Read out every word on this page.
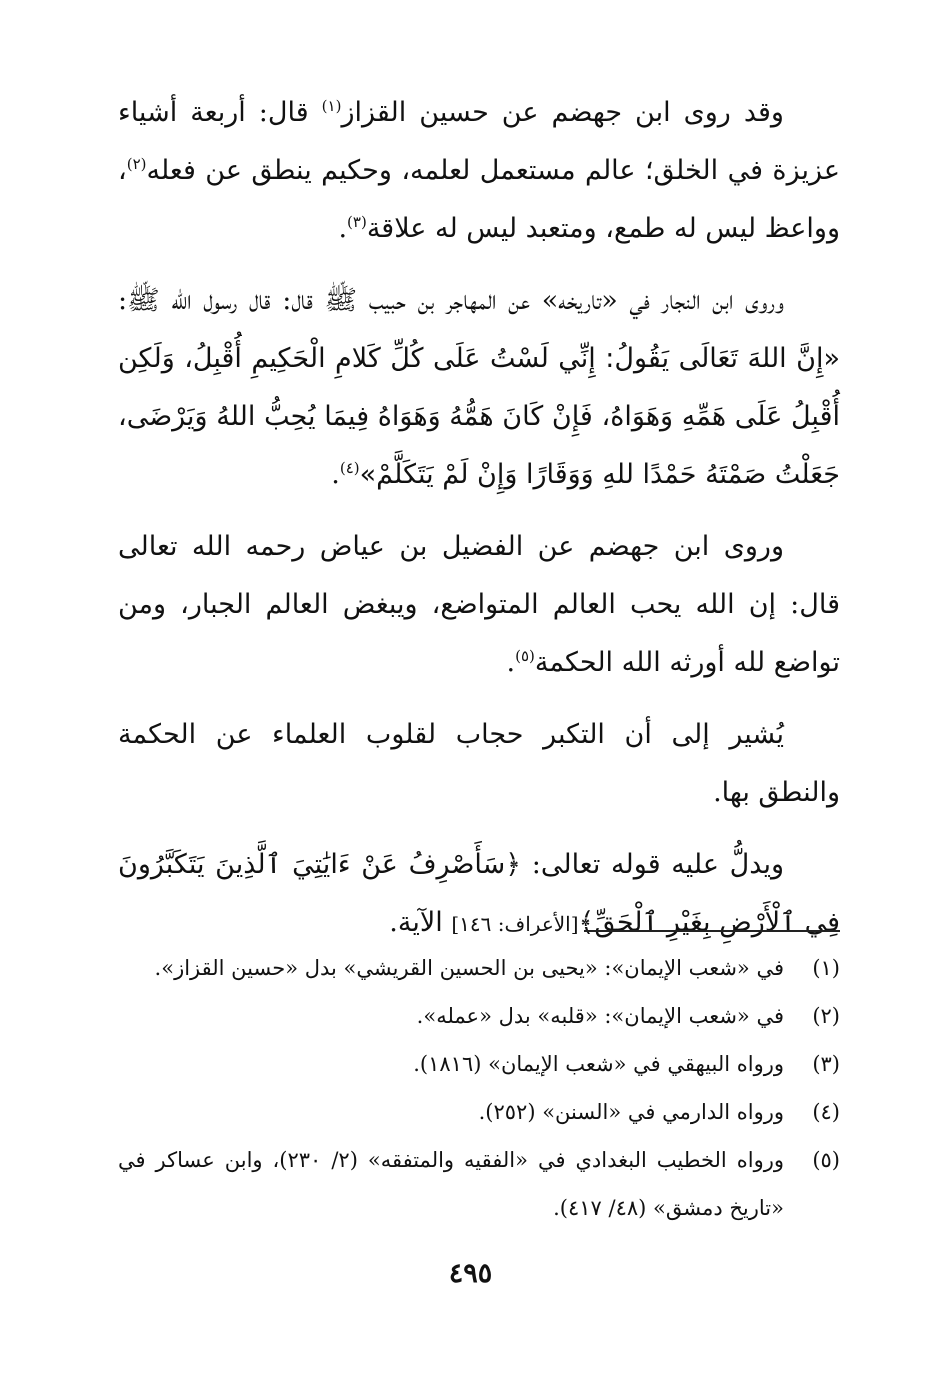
وقد روى ابن جهضم عن حسين القزاز$^{(١)}$ قال: أربعة أشياء عزيزة في الخلق؛ عالم مستعمل لعلمه، وحكيم ينطق عن فعله$^{(٢)}$، وواعظ ليس له طمع، ومتعبد ليس له علاقة$^{(٣)}$.

وروى ابن النجار في «تاريخه» عن المهاجر بن حبيب ﷺ قال: قال رسول الله ﷺ: «إِنَّ اللهَ تَعَالَى يَقُولُ: إِنِّي لَسْتُ عَلَى كُلِّ كَلامِ الْحَكِيمِ أُقْبِلُ، وَلَكِن أُقْبِلُ عَلَى هَمِّهِ وَهَوَاهُ، فَإِنْ كَانَ هَمُّهُ وَهَوَاهُ فِيمَا يُحِبُّ اللهُ وَيَرْضَى، جَعَلْتُ صَمْتَهُ حَمْدًا للهِ وَوَقَارًا وَإِنْ لَمْ يَتَكَلَّمْ»$^{(٤)}$.

وروى ابن جهضم عن الفضيل بن عياض رحمه الله تعالى قال: إن الله يحب العالم المتواضع، ويبغض العالم الجبار، ومن تواضع لله أورثه الله الحكمة$^{(٥)}$.

يُشير إلى أن التكبر حجاب لقلوب العلماء عن الحكمة والنطق بها.

ويدلُّ عليه قوله تعالى: ﴿سَأَصْرِفُ عَنْ ءَايَٰتِيَ ٱلَّذِينَ يَتَكَبَّرُونَ فِي ٱلْأَرْضِ بِغَيْرِ ٱلْحَقِّ﴾[الأعراف: ١٤٦] الآية.

(١)
في «شعب الإيمان»: «يحيى بن الحسين القريشي» بدل «حسين القزاز».
(٢)
في «شعب الإيمان»: «قلبه» بدل «عمله».
(٣)
ورواه البيهقي في «شعب الإيمان» (١٨١٦).
(٤)
ورواه الدارمي في «السنن» (٢٥٢).
(٥)
ورواه الخطيب البغدادي في «الفقيه والمتفقه» (٢/ ٢٣٠)، وابن عساكر في «تاريخ دمشق» (٤٨/ ٤١٧).
٤٩٥
